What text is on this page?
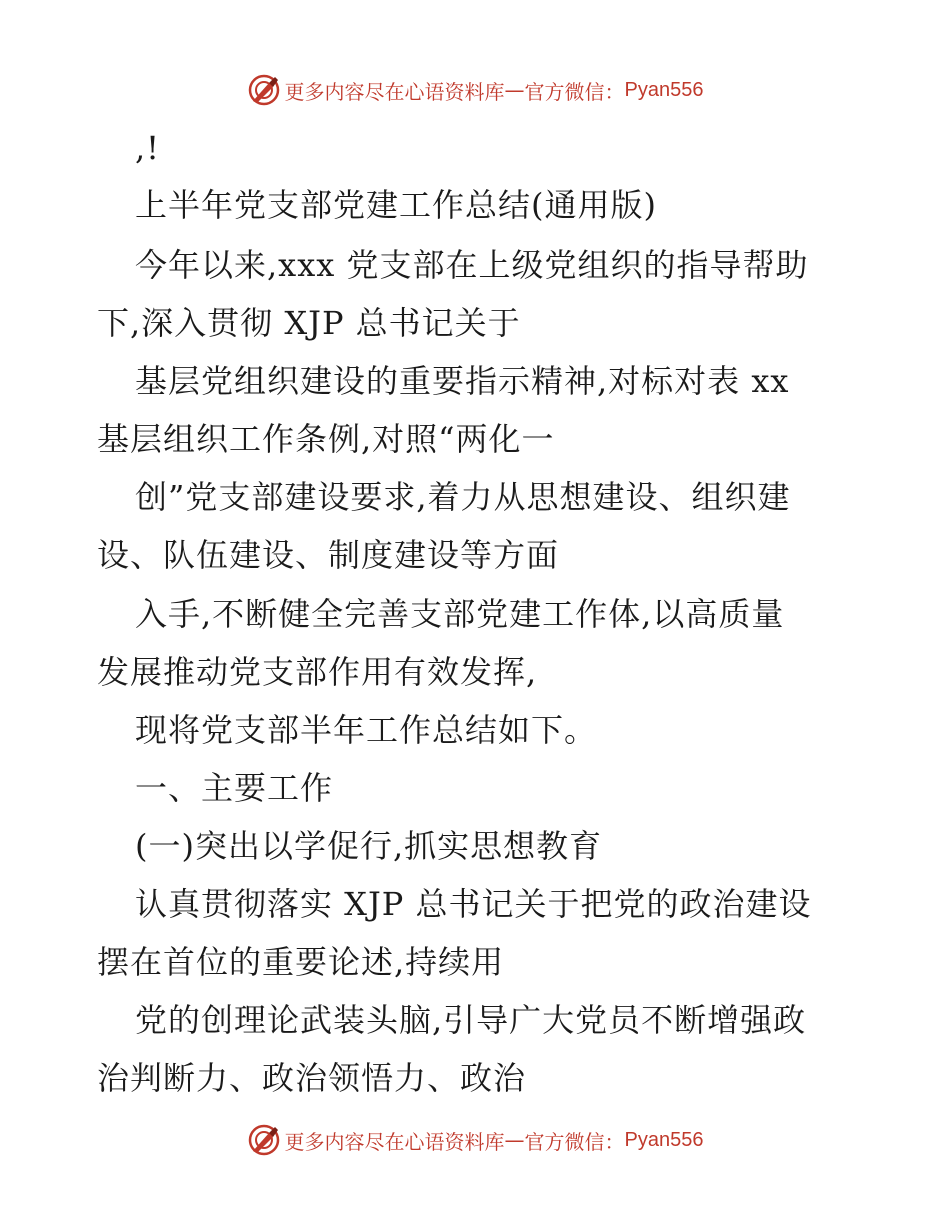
更多内容尽在心语资料库 — 官方微信： Pyan556
,!
上半年党支部党建工作总结(通用版)
今年以来,xxx 党支部在上级党组织的指导帮助
下,深入贯彻 XJP 总书记关于
基层党组织建设的重要指示精神,对标对表 xx
基层组织工作条例,对照“两化一
创”党支部建设要求,着力从思想建设、组织建
设、队伍建设、制度建设等方面
入手,不断健全完善支部党建工作体,以高质量
发展推动党支部作用有效发挥,
现将党支部半年工作总结如下。
一、主要工作
(一)突出以学促行,抓实思想教育
认真贯彻落实 XJP 总书记关于把党的政治建设
摆在首位的重要论述,持续用
党的创理论武装头脑,引导广大党员不断增强政
治判断力、政治领悟力、政治
更多内容尽在心语资料库 — 官方微信： Pyan556
